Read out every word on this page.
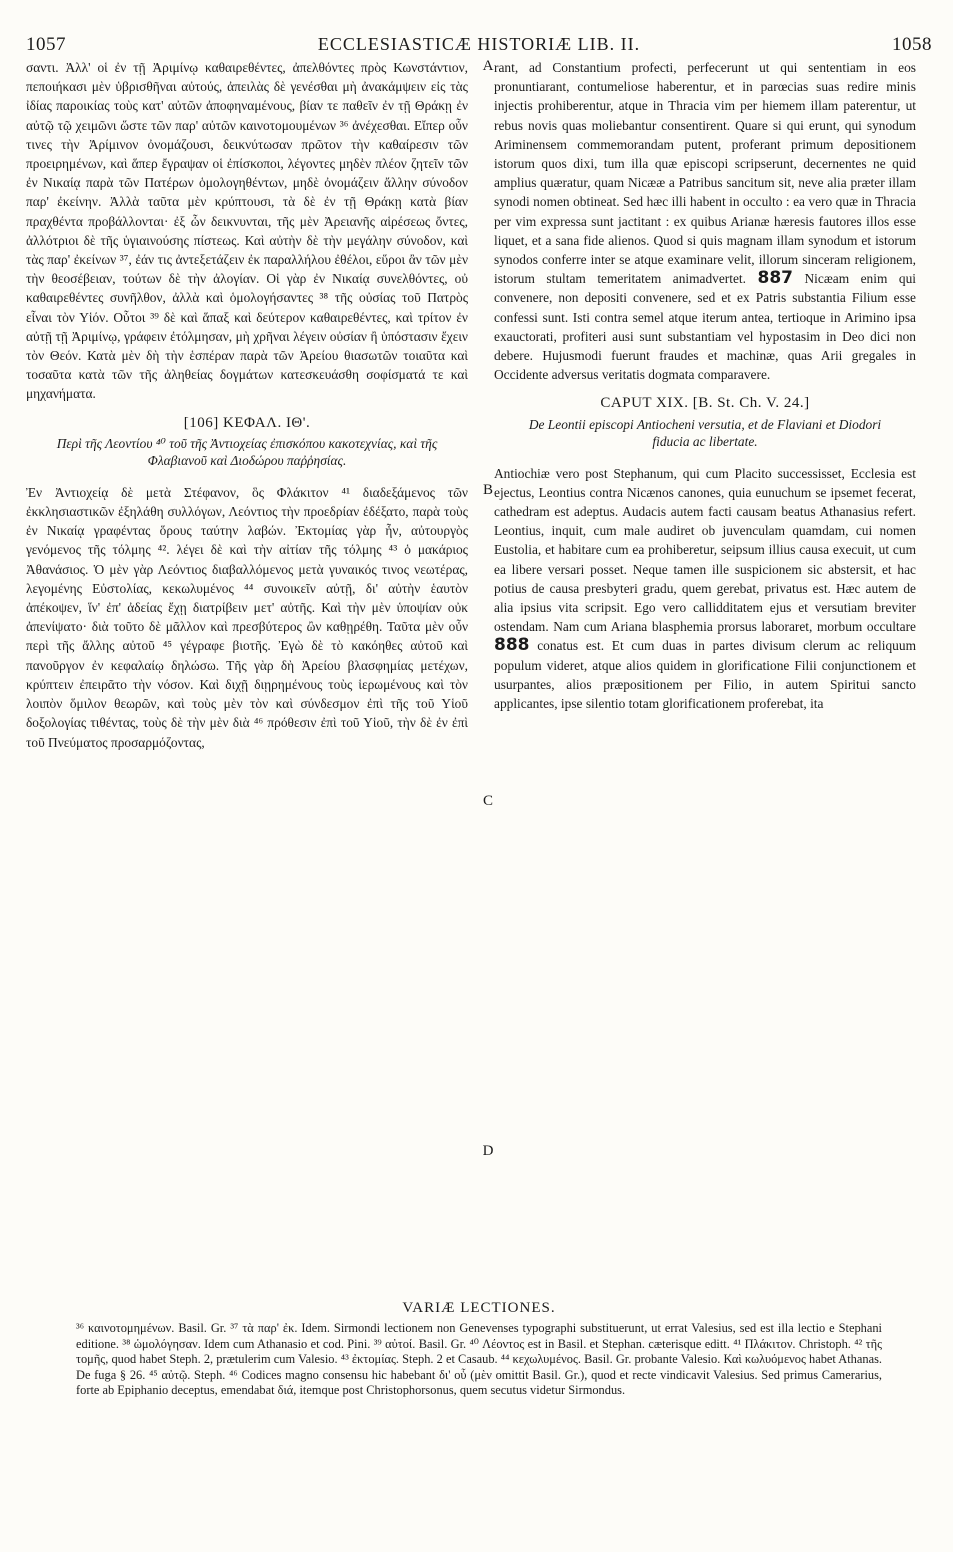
1057	ECCLESIASTICÆ HISTORIÆ LIB. II.	1058
A
B
C
D

σαντι. Ἀλλ' οἱ ἐν τῇ Ἀριμίνῳ καθαιρεθέντες, ἀπελθόντες πρὸς Κωνστάντιον, πεποιήκασι μὲν ὑβρισθῆναι αὐτούς, ἀπειλὰς δὲ γενέσθαι μὴ ἀνακάμψειν εἰς τὰς ἰδίας παροικίας τοὺς κατ' αὐτῶν ἀποφηναμένους, βίαν τε παθεῖν ἐν τῇ Θράκῃ ἐν αὐτῷ τῷ χειμῶνι ὥστε τῶν παρ' αὐτῶν καινοτομουμένων ³⁶ ἀνέχεσθαι. Εἴπερ οὖν τινες τὴν Ἀρίμινον ὀνομάζουσι, δεικνύτωσαν πρῶτον τὴν καθαίρεσιν τῶν προειρημένων, καὶ ἅπερ ἔγραψαν οἱ ἐπίσκοποι, λέγοντες μηδὲν πλέον ζητεῖν τῶν ἐν Νικαίᾳ παρὰ τῶν Πατέρων ὁμολογηθέντων, μηδὲ ὀνομάζειν ἄλλην σύνοδον παρ' ἐκείνην. Ἀλλὰ ταῦτα μὲν κρύπτουσι, τὰ δὲ ἐν τῇ Θράκῃ κατὰ βίαν πραχθέντα προβάλλονται· ἐξ ὧν δεικνυνται, τῆς μὲν Ἀρειανῆς αἱρέσεως ὄντες, ἀλλότριοι δὲ τῆς ὑγιαινούσης πίστεως. Καὶ αὐτὴν δὲ τὴν μεγάλην σύνοδον, καὶ τὰς παρ' ἐκείνων ³⁷, ἐάν τις ἀντεξετάζειν ἐκ παραλλήλου ἐθέλοι, εὕροι ἂν τῶν μὲν τὴν θεοσέβειαν, τούτων δὲ τὴν ἀλογίαν. Οἱ γὰρ ἐν Νικαίᾳ συνελθόντες, οὐ καθαιρεθέντες συνῆλθον, ἀλλὰ καὶ ὁμολογήσαντες ³⁸ τῆς οὐσίας τοῦ Πατρὸς εἶναι τὸν Υἱόν. Οὗτοι ³⁹ δὲ καὶ ἅπαξ καὶ δεύτερον καθαιρεθέντες, καὶ τρίτον ἐν αὐτῇ τῇ Ἀριμίνῳ, γράφειν ἐτόλμησαν, μὴ χρῆναι λέγειν οὐσίαν ἢ ὑπόστασιν ἔχειν τὸν Θεόν. Κατὰ μὲν δὴ τὴν ἑσπέραν παρὰ τῶν Ἀρείου θιασωτῶν τοιαῦτα καὶ τοσαῦτα κατὰ τῶν τῆς ἀληθείας δογμάτων κατεσκευάσθη σοφίσματά τε καὶ μηχανήματα.

[106] ΚΕΦΑΛ. ΙΘ'.
Περὶ τῆς Λεοντίου ⁴⁰ τοῦ τῆς Ἀντιοχείας ἐπισκόπου κακοτεχνίας, καὶ τῆς Φλαβιανοῦ καὶ Διοδώρου παῤῥησίας.

Ἐν Ἀντιοχείᾳ δὲ μετὰ Στέφανον, ὃς Φλάκιτον ⁴¹ διαδεξάμενος τῶν ἐκκλησιαστικῶν ἐξηλάθη συλλόγων, Λεόντιος τὴν προεδρίαν ἐδέξατο, παρὰ τοὺς ἐν Νικαίᾳ γραφέντας ὅρους ταύτην λαβών. Ἐκτομίας γὰρ ἦν, αὐτουργὸς γενόμενος τῆς τόλμης ⁴². λέγει δὲ καὶ τὴν αἰτίαν τῆς τόλμης ⁴³ ὁ μακάριος Ἀθανάσιος. Ὁ μὲν γὰρ Λεόντιος διαβαλλόμενος μετὰ γυναικός τινος νεωτέρας, λεγομένης Εὐστολίας, κεκωλυμένος ⁴⁴ συνοικεῖν αὐτῇ, δι' αὐτὴν ἑαυτὸν ἀπέκοψεν, ἵν' ἐπ' ἀδείας ἔχῃ διατρίβειν μετ' αὐτῆς. Καὶ τὴν μὲν ὑποψίαν οὐκ ἀπενίψατο· διὰ τοῦτο δὲ μᾶλλον καὶ πρεσβύτερος ὢν καθῃρέθη. Ταῦτα μὲν οὖν περὶ τῆς ἄλλης αὐτοῦ ⁴⁵ γέγραφε βιοτῆς. Ἐγὼ δὲ τὸ κακόηθες αὐτοῦ καὶ πανοῦργον ἐν κεφαλαίῳ δηλώσω. Τῆς γὰρ δὴ Ἀρείου βλασφημίας μετέχων, κρύπτειν ἐπειρᾶτο τὴν νόσον. Καὶ διχῇ διῃρημένους τοὺς ἱερωμένους καὶ τὸν λοιπὸν ὅμιλον θεωρῶν, καὶ τοὺς μὲν τὸν καὶ σύνδεσμον ἐπὶ τῆς τοῦ Υἱοῦ δοξολογίας τιθέντας, τοὺς δὲ τὴν μὲν διὰ ⁴⁶ πρόθεσιν ἐπὶ τοῦ Υἱοῦ, τὴν δὲ ἐν ἐπὶ τοῦ Πνεύματος προσαρμόζοντας,

rant, ad Constantium profecti, perfecerunt ut qui sententiam in eos pronuntiarant, contumeliose haberentur, et in parœcias suas redire minis injectis prohiberentur, atque in Thracia vim per hiemem illam paterentur, ut rebus novis quas moliebantur consentirent. Quare si qui erunt, qui synodum Ariminensem commemorandam putent, proferant primum depositionem istorum quos dixi, tum illa quæ episcopi scripserunt, decernentes ne quid amplius quæratur, quam Nicææ a Patribus sancitum sit, neve alia præter illam synodi nomen obtineat. Sed hæc illi habent in occulto : ea vero quæ in Thracia per vim expressa sunt jactitant : ex quibus Arianæ hæresis fautores illos esse liquet, et a sana fide alienos. Quod si quis magnam illam synodum et istorum synodos conferre inter se atque examinare velit, illorum sinceram religionem, istorum stultam temeritatem animadvertet. 887 Nicæam enim qui convenere, non depositi convenere, sed et ex Patris substantia Filium esse confessi sunt. Isti contra semel atque iterum antea, tertioque in Arimino ipsa exauctorati, profiteri ausi sunt substantiam vel hypostasim in Deo dici non debere. Hujusmodi fuerunt fraudes et machinæ, quas Arii gregales in Occidente adversus veritatis dogmata comparavere.

CAPUT XIX. [B. St. Ch. V. 24.]
De Leontii episcopi Antiocheni versutia, et de Flaviani et Diodori fiducia ac libertate.

Antiochiæ vero post Stephanum, qui cum Placito successisset, Ecclesia est ejectus, Leontius contra Nicænos canones, quia eunuchum se ipsemet fecerat, cathedram est adeptus. Audacis autem facti causam beatus Athanasius refert. Leontius, inquit, cum male audiret ob juvenculam quamdam, cui nomen Eustolia, et habitare cum ea prohiberetur, seipsum illius causa execuit, ut cum ea libere versari posset. Neque tamen ille suspicionem sic abstersit, et hac potius de causa presbyteri gradu, quem gerebat, privatus est. Hæc autem de alia ipsius vita scripsit. Ego vero callidditatem ejus et versutiam breviter ostendam. Nam cum Ariana blasphemia prorsus laboraret, morbum occultare 888 conatus est. Et cum duas in partes divisum clerum ac reliquum populum videret, atque alios quidem in glorificatione Filii conjunctionem et usurpantes, alios præpositionem per Filio, in autem Spiritui sancto applicantes, ipse silentio totam glorificationem proferebat, ita

VARIÆ LECTIONES.
³⁶ καινοτομημένων. Basil. Gr. ³⁷ τὰ παρ' ἐκ. Idem. Sirmondi lectionem non Genevenses typographi substituerunt, ut errat Valesius, sed est illa lectio e Stephani editione. ³⁸ ὡμολόγησαν. Idem cum Athanasio et cod. Pini. ³⁹ αὐτοί. Basil. Gr. ⁴⁰ Λέοντος est in Basil. et Stephan. cæterisque editt. ⁴¹ Πλάκιτον. Christoph. ⁴² τῆς τομῆς, quod habet Steph. 2, prætulerim cum Valesio. ⁴³ ἐκτομίας. Steph. 2 et Casaub. ⁴⁴ κεχωλυμένος. Basil. Gr. probante Valesio. Καὶ κωλυόμενος habet Athanas. De fuga § 26. ⁴⁵ αὐτῷ. Steph. ⁴⁶ Codices magno consensu hic habebant δι' οὗ (μὲν omittit Basil. Gr.), quod et recte vindicavit Valesius. Sed primus Camerarius, forte ab Epiphanio deceptus, emendabat διά, itemque post Christophorsonus, quem secutus videtur Sirmondus.
